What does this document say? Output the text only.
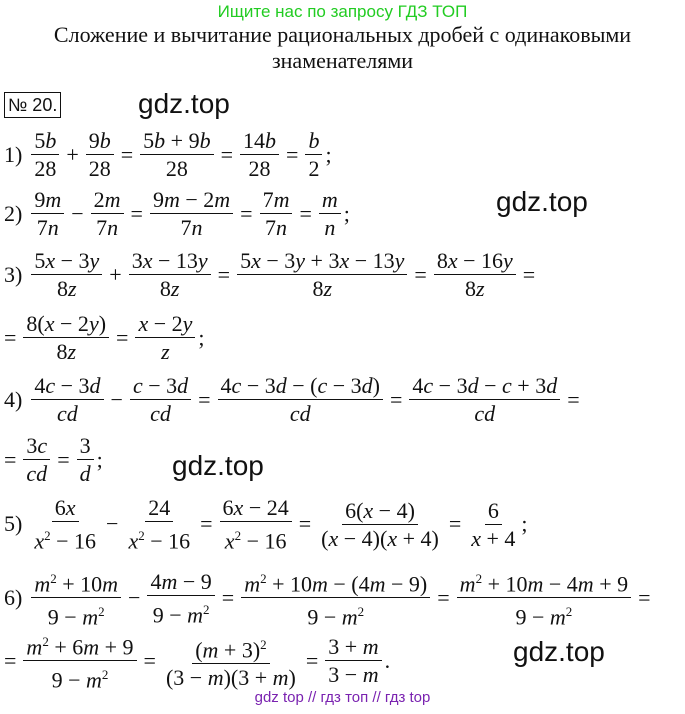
Ищите нас по запросу ГДЗ ТОП
Сложение и вычитание рациональных дробей с одинаковыми
знаменателями
№ 20.	gdz.top
gdz.top
gdz.top
gdz.top
$1) \frac{5b}{28} + \frac{9b}{28} = \frac{5b + 9b}{28} = \frac{14b}{28} = \frac{b}{2}$ ;
$2) \frac{9m}{7n} - \frac{2m}{7n} = \frac{9m - 2m}{7n} = \frac{7m}{7n} = \frac{m}{n}$ ;
$3) \frac{5x - 3y}{8z} + \frac{3x - 13y}{8z} = \frac{5x - 3y + 3x - 13y}{8z} = \frac{8x - 16y}{8z}$ =
= $\frac{8(x - 2y)}{8z} = \frac{x - 2y}{z}$ ;
$4) \frac{4c - 3d}{cd} - \frac{c - 3d}{cd} = \frac{4c - 3d - (c - 3d)}{cd} = \frac{4c - 3d - c + 3d}{cd}$ =
= $\frac{3c}{cd} = \frac{3}{d}$ ;
$5) \frac{6x}{x^2 - 16} - \frac{24}{x^2 - 16} = \frac{6x - 24}{x^2 - 16} = \frac{6(x - 4)}{(x - 4)(x + 4)} = \frac{6}{x + 4}$ ;
$6) \frac{m^2 + 10m}{9 - m^2} - \frac{4m - 9}{9 - m^2} = \frac{m^2 + 10m - (4m - 9)}{9 - m^2} = \frac{m^2 + 10m - 4m + 9}{9 - m^2}$ =
= $\frac{m^2 + 6m + 9}{9 - m^2} = \frac{(m + 3)^2}{(3 - m)(3 + m)} = \frac{3 + m}{3 - m}$ .
gdz top // гдз топ // гдз top
